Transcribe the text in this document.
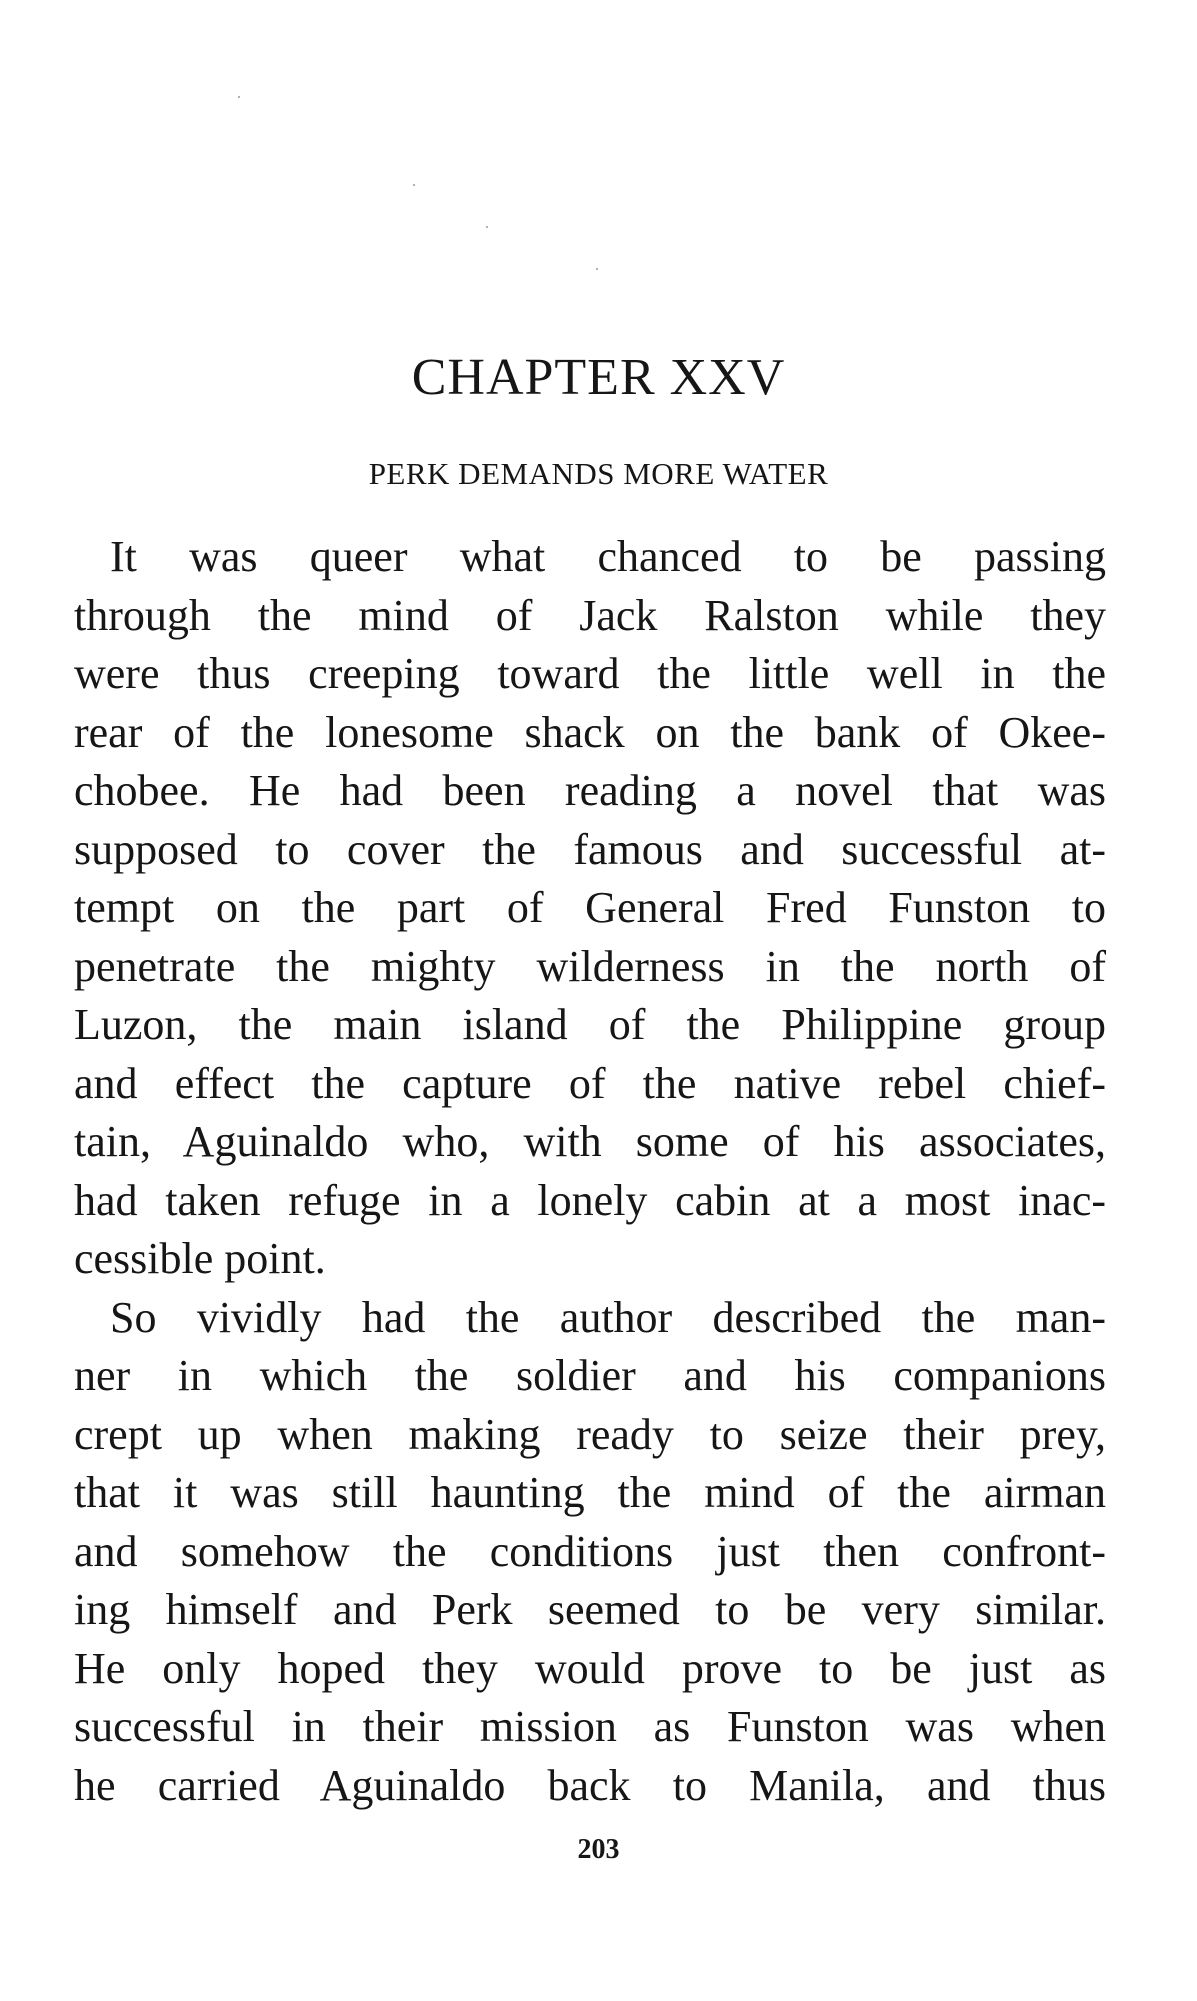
CHAPTER XXV
PERK DEMANDS MORE WATER
It was queer what chanced to be passing
through the mind of Jack Ralston while they
were thus creeping toward the little well in the
rear of the lonesome shack on the bank of Okee-
chobee. He had been reading a novel that was
supposed to cover the famous and successful at-
tempt on the part of General Fred Funston to
penetrate the mighty wilderness in the north of
Luzon, the main island of the Philippine group
and effect the capture of the native rebel chief-
tain, Aguinaldo who, with some of his associates,
had taken refuge in a lonely cabin at a most inac-
cessible point.
So vividly had the author described the man-
ner in which the soldier and his companions
crept up when making ready to seize their prey,
that it was still haunting the mind of the airman
and somehow the conditions just then confront-
ing himself and Perk seemed to be very similar.
He only hoped they would prove to be just as
successful in their mission as Funston was when
he carried Aguinaldo back to Manila, and thus
203
